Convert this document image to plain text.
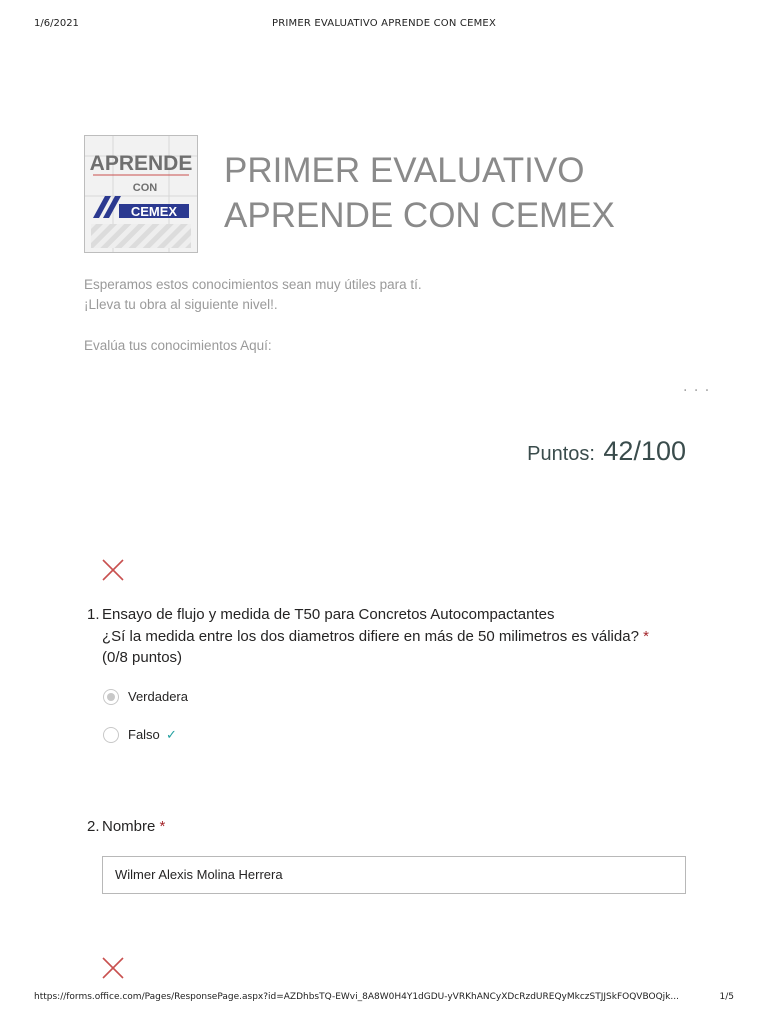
1/6/2021	PRIMER EVALUATIVO APRENDE CON CEMEX
APRENDE
CON
CEMEX
PRIMER EVALUATIVO
APRENDE CON CEMEX

Esperamos estos conocimientos sean muy útiles para tí.

¡Lleva tu obra al siguiente nivel!.

Evalúa tus conocimientos Aquí:

· · ·
Puntos: 42/100
1. Ensayo de flujo y medida de T50 para Concretos Autocompactantes
¿Sí la medida entre los dos diametros difiere en más de 50 milimetros es válida? *
(0/8 puntos)
Verdadera
Falso ✓
2. Nombre *
Wilmer Alexis Molina Herrera
https://forms.office.com/Pages/ResponsePage.aspx?id=AZDhbsTQ-EWvi_8A8W0H4Y1dGDU-yVRKhANCyXDcRzdUREQyMkczSTJJSkFOQVBOQjk...	1/5
